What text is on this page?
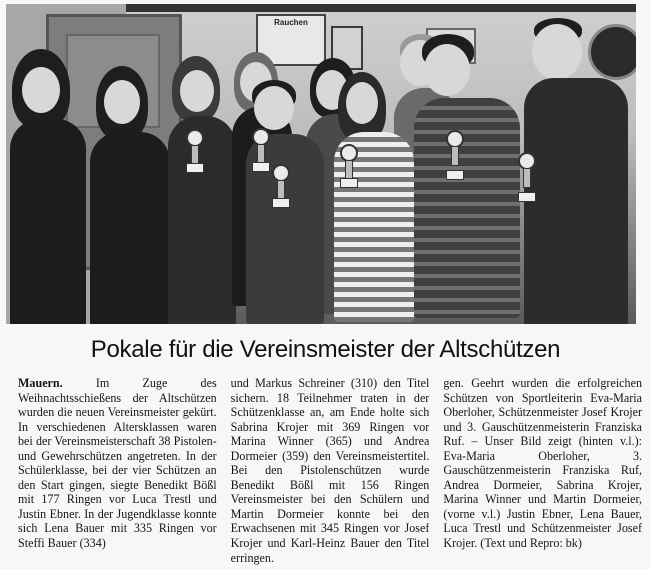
Rauchen
Pokale für die Vereinsmeister der Altschützen

Mauern. Im Zuge des Weihnachtsschießens der Altschützen wurden die neuen Vereinsmeister gekürt. In verschiedenen Altersklassen waren bei der Vereinsmeisterschaft 38 Pistolen- und Gewehrschützen angetreten. In der Schülerklasse, bei der vier Schützen an den Start gingen, siegte Benedikt Bößl mit 177 Ringen vor Luca Trestl und Justin Ebner. In der Jugendklasse konnte sich Lena Bauer mit 335 Ringen vor Steffi Bauer (334)

und Markus Schreiner (310) den Titel sichern. 18 Teilnehmer traten in der Schützenklasse an, am Ende holte sich Sabrina Krojer mit 369 Ringen vor Marina Winner (365) und Andrea Dormeier (359) den Vereinsmeistertitel. Bei den Pistolenschützen wurde Benedikt Bößl mit 156 Ringen Vereinsmeister bei den Schülern und Martin Dormeier konnte bei den Erwachsenen mit 345 Ringen vor Josef Krojer und Karl-Heinz Bauer den Titel erringen.

gen. Geehrt wurden die erfolgreichen Schützen von Sportleiterin Eva-Maria Oberloher, Schützenmeister Josef Krojer und 3. Gauschützenmeisterin Franziska Ruf. – Unser Bild zeigt (hinten v.l.): Eva-Maria Oberloher, 3. Gauschützenmeisterin Franziska Ruf, Andrea Dormeier, Sabrina Krojer, Marina Winner und Martin Dormeier, (vorne v.l.) Justin Ebner, Lena Bauer, Luca Trestl und Schützenmeister Josef Krojer. (Text und Repro: bk)
